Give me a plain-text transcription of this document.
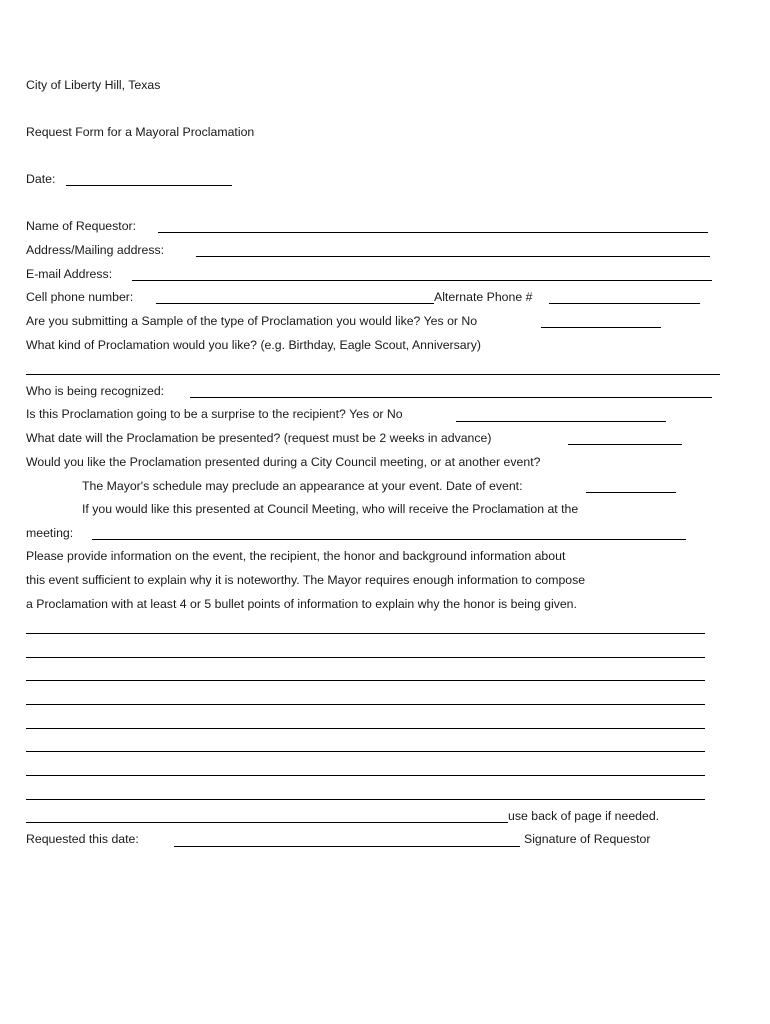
City of Liberty Hill, Texas
Request Form for a Mayoral Proclamation
Date:
Name of Requestor:
Address/Mailing address:
E-mail Address:
Cell phone number:	Alternate Phone #
Are you submitting a Sample of the type of Proclamation you would like? Yes or No
What kind of Proclamation would you like? (e.g. Birthday, Eagle Scout, Anniversary)
Who is being recognized:
Is this Proclamation going to be a surprise to the recipient? Yes or No
What date will the Proclamation be presented? (request must be 2 weeks in advance)
Would you like the Proclamation presented during a City Council meeting, or at another event?
The Mayor's schedule may preclude an appearance at your event. Date of event:
If you would like this presented at Council Meeting, who will receive the Proclamation at the
meeting:
Please provide information on the event, the recipient, the honor and background information about
this event sufficient to explain why it is noteworthy. The Mayor requires enough information to compose
a Proclamation with at least 4 or 5 bullet points of information to explain why the honor is being given.
use back of page if needed.
Requested this date:	Signature of Requestor
